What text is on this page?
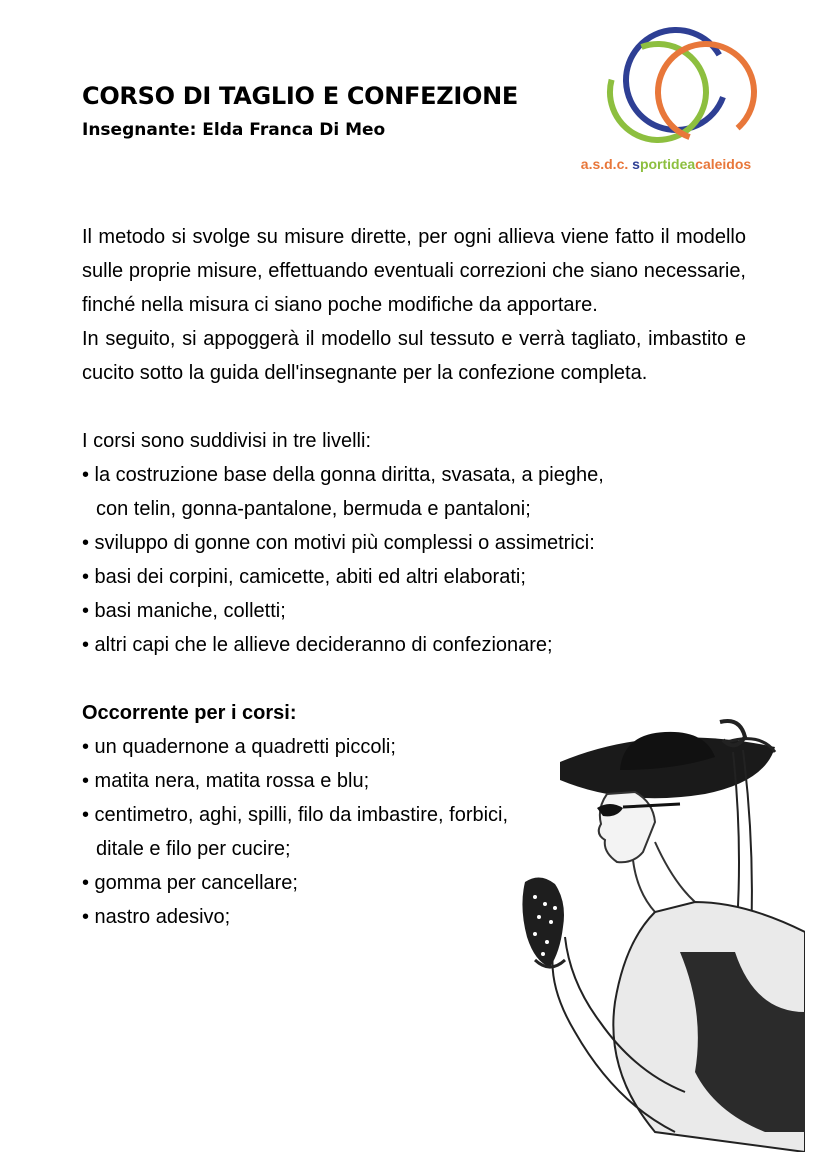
CORSO DI TAGLIO E CONFEZIONE
Insegnante: Elda Franca Di Meo
a.s.d.c. sportideacaleidos

Il metodo si svolge su misure dirette, per ogni allieva viene fatto il modello sulle proprie misure, effettuando eventuali correzioni che siano necessarie, finché nella misura ci siano poche modifiche da apportare.

In seguito, si appoggerà il modello sul tessuto e verrà tagliato, imbastito e cucito sotto la guida dell'insegnante per la confezione completa.

I corsi sono suddivisi in tre livelli:

• la costruzione base della gonna diritta, svasata, a pieghe,

con telin, gonna-pantalone, bermuda e pantaloni;

• sviluppo di gonne con motivi più complessi o assimetrici:

• basi dei corpini, camicette, abiti ed altri elaborati;

• basi maniche, colletti;

• altri capi che le allieve decideranno di confezionare;

Occorrente per i corsi:

• un quadernone a quadretti piccoli;

• matita nera, matita rossa e blu;

• centimetro, aghi, spilli, filo da imbastire, forbici,

ditale e filo per cucire;

• gomma per cancellare;

• nastro adesivo;
